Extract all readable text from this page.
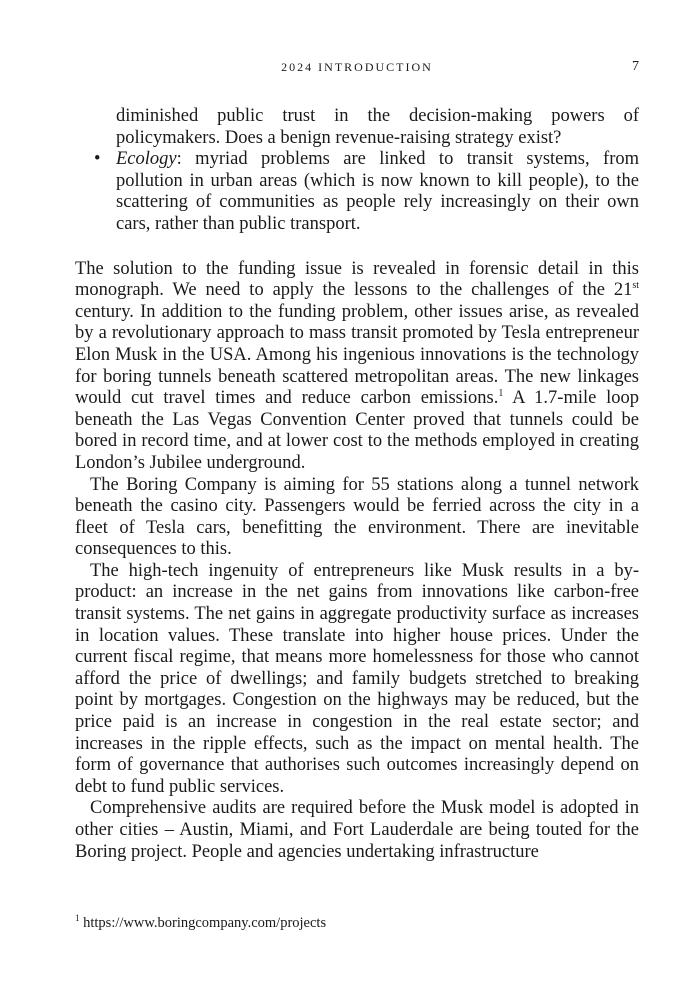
2024 INTRODUCTION	7
diminished public trust in the decision-making powers of policymakers. Does a benign revenue-raising strategy exist?
• Ecology: myriad problems are linked to transit systems, from pollution in urban areas (which is now known to kill people), to the scattering of communities as people rely increasingly on their own cars, rather than public transport.

The solution to the funding issue is revealed in forensic detail in this monograph. We need to apply the lessons to the challenges of the 21st century. In addition to the funding problem, other issues arise, as revealed by a revolutionary approach to mass transit promoted by Tesla entrepreneur Elon Musk in the USA. Among his ingenious innovations is the technology for boring tunnels beneath scattered metropolitan areas. The new linkages would cut travel times and reduce carbon emissions.$^1$ A 1.7-mile loop beneath the Las Vegas Convention Center proved that tunnels could be bored in record time, and at lower cost to the methods employed in creating London’s Jubilee underground.

The Boring Company is aiming for 55 stations along a tunnel network beneath the casino city. Passengers would be ferried across the city in a fleet of Tesla cars, benefitting the environment. There are inevitable consequences to this.

The high-tech ingenuity of entrepreneurs like Musk results in a by-product: an increase in the net gains from innovations like carbon-free transit systems. The net gains in aggregate productivity surface as increases in location values. These translate into higher house prices. Under the current fiscal regime, that means more homelessness for those who cannot afford the price of dwellings; and family budgets stretched to breaking point by mortgages. Congestion on the highways may be reduced, but the price paid is an increase in congestion in the real estate sector; and increases in the ripple effects, such as the impact on mental health. The form of governance that authorises such outcomes increasingly depend on debt to fund public services.

Comprehensive audits are required before the Musk model is adopted in other cities – Austin, Miami, and Fort Lauderdale are being touted for the Boring project. People and agencies undertaking infrastructure

$^1$ https://www.boringcompany.com/projects
